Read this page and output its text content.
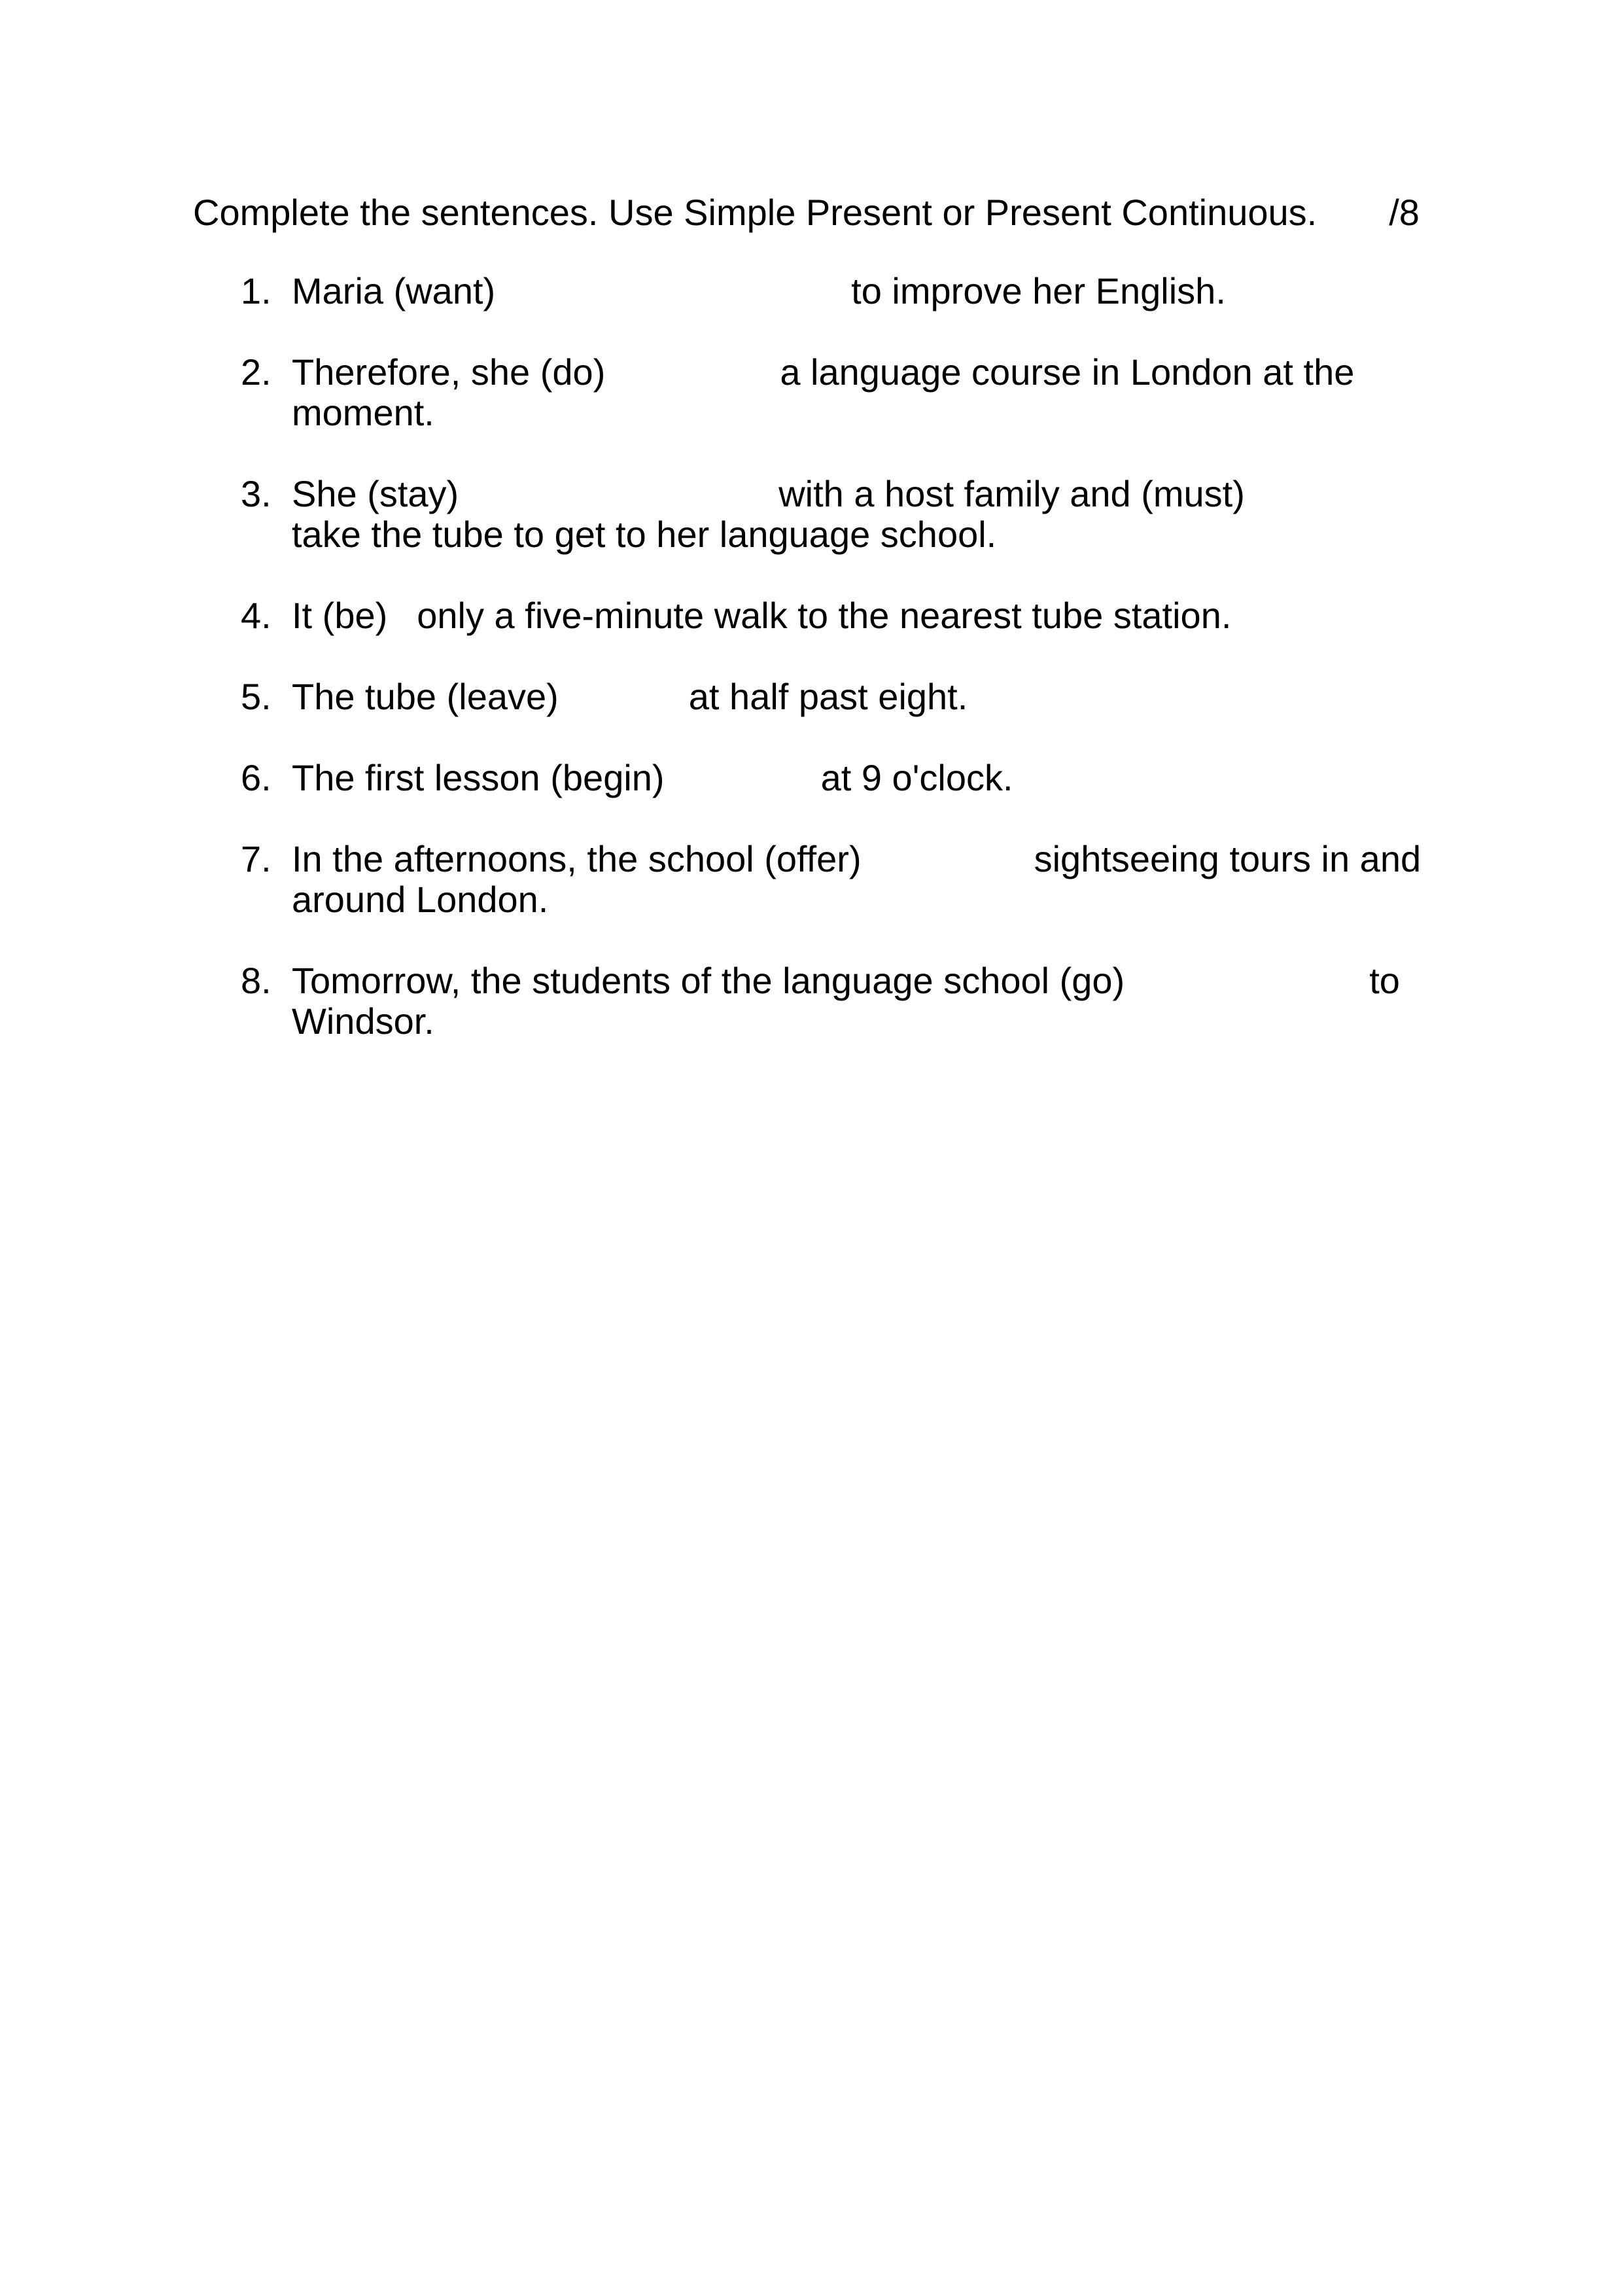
Complete the sentences. Use Simple Present or Present Continuous. /8
1. Maria (want)	to improve her English.
2. Therefore, she (do)	a language course in London at the
moment.
3. She (stay)	with a host family and (must)
take the tube to get to her language school.
4. It (be) only a five-minute walk to the nearest tube station.
5. The tube (leave)	at half past eight.
6. The first lesson (begin)	at 9 o'clock.
7. In the afternoons, the school (offer)	sightseeing tours in and
around London.
8. Tomorrow, the students of the language school (go)	to
Windsor.
